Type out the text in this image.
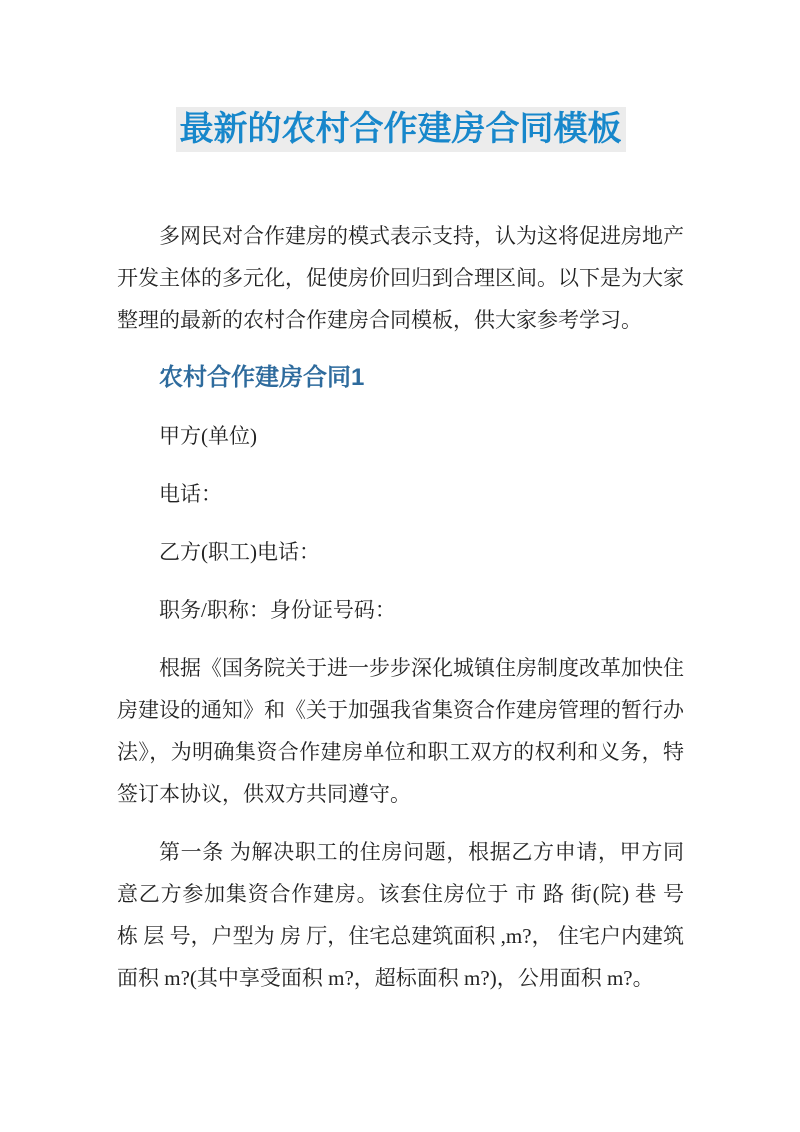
最新的农村合作建房合同模板
多网民对合作建房的模式表示支持，认为这将促进房地产开发主体的多元化，促使房价回归到合理区间。以下是为大家整理的最新的农村合作建房合同模板，供大家参考学习。
农村合作建房合同1
甲方(单位)
电话：
乙方(职工)电话：
职务/职称：身份证号码：
根据《国务院关于进一步步深化城镇住房制度改革加快住房建设的通知》和《关于加强我省集资合作建房管理的暂行办法》，为明确集资合作建房单位和职工双方的权利和义务，特签订本协议，供双方共同遵守。
第一条 为解决职工的住房问题，根据乙方申请，甲方同意乙方参加集资合作建房。该套住房位于 市 路 街(院) 巷 号 栋 层 号，户型为 房 厅，住宅总建筑面积 ,m?， 住宅户内建筑面积 m?(其中享受面积 m?，超标面积 m?)，公用面积 m?。
